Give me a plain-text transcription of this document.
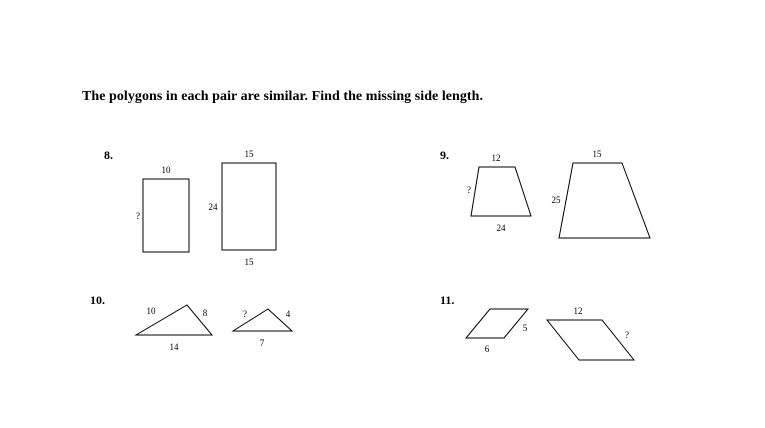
The polygons in each pair are similar. Find the missing side length.
8.	9.
10.	11.
10
?
15
24
15
12
?
24
15
25
10	8
14
?	4
7
5
6
12
?
